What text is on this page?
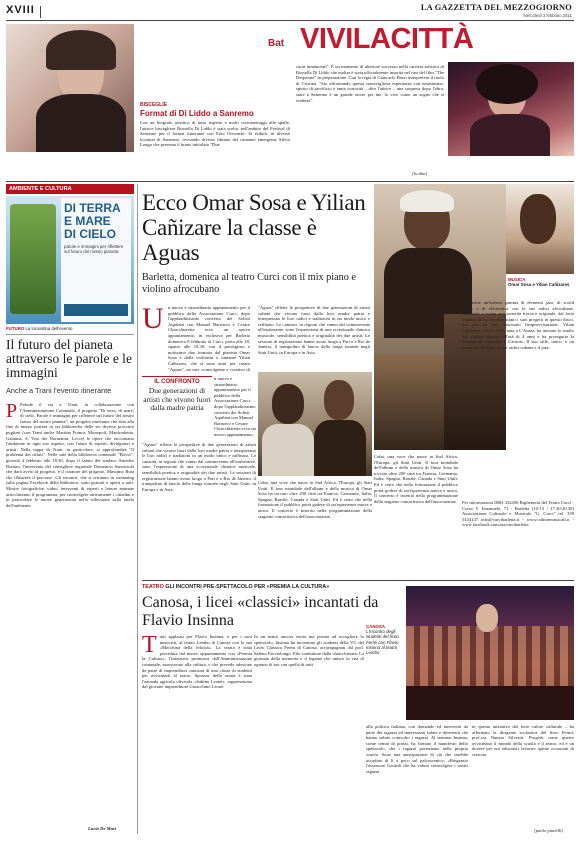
XVIII	LA GAZZETTA DEL MEZZOGIORNO
Mercoledì 3 febbraio 2021
Bat VIVILACITTÀ
BISCEGLIE
Format di Di Liddo a Sanremo
Con un biografo artistico di tutto rispetto e molti cortometraggi alle spalle, l'attrice biscegliese Rossella Di Liddo è stata scelta, nell'ambito del Festival di Sanremo per il format itinerante con Ezio Orvonetti. Si esibirà, in diverse location di Sanremo, recitando diverse librano del cantante emergente Silvio Longo che presenta il brano intitolato "Due
cuori innamorati". È un momento di ulteriore successo nella carriera artistica di Rossella Di Liddo che inoltre è stata ufficialmente inserita nel cast del film "The Desperate" in preparazione. Con la regia di Giancarlo Bassi interpreterà il ruolo di Cristina. "Sto affrontando questa meravigliosa esperienza con entusiasmo, spirito di sacrificio e tanta curiosità – dice l'attrice – una sorpresa dopo l'altra, stare a Sanremo è un grande onore per me, lo vivo come un sogno che si realizza".
[lu.dim]
AMBIENTE E CULTURA
DI TERRA
E MARE
DI CIELO
parole e immagini per riflettere sul futuro del nostro pianeta
FUTURO La locandina dell'evento
Il futuro del pianeta attraverso le parole e le immagini
Anche a Trani l'evento itinerante
P Prende il via a Trani, in collaborazione con l'Amministrazione Comunale, il progetto "Di terra, di mare, di cielo. Parole e immagini per riflettere sul futuro del nostro futuro del nostro pianeta", un progetto itinerante che sino alla fine di marzo porterà in sei biblioteche delle sei diverse province pugliesi (con Trani anche Martina Franca, Monopoli, Manfredonia, Galatina, S. Vito dei Normanni, Lecce) le opere che raccontano l'ambiente in ogni suo aspetto, con l'aiuto di esperti, divulgatori e artisti. Nella tappa di Trani, in particolare, si approfondirà "Il problema dei rifiuti". Nelle sale della biblioteca comunale "Bovio", giovedì 4 febbraio alle 18.30, dopo il saluto del sindaco Amedeo Bottaro, l'intervento del consigliere regionale Domenico Santorsola che darà avvio al progetto, e il curatore del progetto, Massimo Ruta che illustrerà il percorso. Gli incontri, che si terranno in streaming sulla pagina Facebook della biblioteca, sono gratuiti e aperti a tutti. Mostre fotografiche, video, interventi di esperti e letture animate arricchiranno il programma, per coinvolgere attivamente i cittadini e in particolare le nuove generazioni nella riflessione sulla tutela dell'ambiente.
Lucia De Mari
Ecco Omar Sosa e Yilian Cañizare la classe è Aguas
Barletta, domenica al teatro Curci con il mix piano e violino afrocubano
MUSICA
Omar Sosa e Yilian Cañizares
Un nuovo e straordinario appuntamento per il pubblico della Associazione Curci, dopo l'applauditissimo concerto dei Solisti Aquilani con Manuel Barrueco e Cesare Chiacchiaretta ecco un nuovo appuntamento, in esclusiva per Barletta domenica 8 febbraio al Curci, porta alle 18, sipario alle 18.30, con il prestigioso e notissimo duo formato dal pianista Omar Sosa e dalla violinista e cantante Yilian Cañizares, che si sono uniti per creare "Aguas", un mix coinvolgente e creativo di
IL CONFRONTO
Due generazioni di artisti che vivono fuori dalla madre patria
n nuovo e straordinario appuntamento per il pubblico della Associazione Curci, dopo l'applauditissimo concerto dei Solisti Aquilani con Manuel Barrueco e Cesare Chiacchiaretta ecco un nuovo appuntamento,
"Aguas" riflette le prospettive di due generazioni di artisti cubani che vivono fuori dalla loro madre patria e interpretano le loro radici e tradizioni in un modo unico e raffinato. Le canzoni, in regioni che vanno dal commovente all'esuberante, sono l'espressione di una eccezionale chimica musicale, sensibilità poetica e originalità dei due artisti. Le sessioni di registrazione hanno avuto luogo a Pari e a Rio de Janeiro, il trampolino di lancio della lunga tournée negli Stati Uniti, in Europa e in Asia.
"Aguas" riflette le prospettive di due generazioni di artisti cubani che vivono fuori dalla loro madre patria e interpretano le loro radici e tradizioni in un modo unico e raffinato. Le canzoni, in regioni che vanno dal commovente all'esuberante, sono l'espressione di una eccezionale chimica musicale, sensibilità poetica e originalità dei due artisti. Le sessioni di registrazione hanno avuto luogo a Pari e a Rio de Janeiro, il trampolino di lancio della lunga tournée negli Stati Uniti, in Europa e in Asia.
Cuba, una voce che nasce in Sud Africa, l'Europa, gli Stati Uniti. Il tour mondiale dell'album e della musica di Omar Sosa ha toccato oltre 200 città tra Francia, Germania, Italia, Spagna, Brasile, Canada e Stati Uniti. Ed è certo che nella formazione il pubblico potrà godere di un'esperienza nuova e unica. Il concerto è inserito nella programmazione della stagione concertistica dell'associazione.
Cuba, una voce che nasce in Sud Africa, l'Europa, gli Stati Uniti. Il tour mondiale dell'album e della musica di Omar Sosa ha toccato oltre 200 città tra Francia, Germania, Italia, Spagna, Brasile, Canada e Stati Uniti. Ed è certo che nella formazione il pubblico potrà godere di un'esperienza nuova e unica. Il concerto è inserito nella programmazione della stagione concertistica dell'associazione.
ribilmente un'intensa gamma di elementi jazz, di world music e di elettronica con le sue radici afrocubane, riuscendo a creare una sonorità fresca e originale, dal forte impatto lirico, ha annunciato i suoi progetti in questo disco, ma non ha mai trascurato l'improvvisazione. Yilian Cañizares, classe 1981, nata a L'Avana, ha iniziato lo studio del violino classico all'età di 4 anni e ha proseguito la formazione musicale a Caracas. Il suo stile, unico, è un ponte tra l'Europa, le sue radici cubane e il jazz.
Per informazioni 0883 332456 Biglietteria del Teatro Curci - Corso V. Emanuele, 71 - Barletta (10-13 / 17.30-20.30) Associazione Culturale e Musicale "G. Curci" tel. 339 5434147 info@curcibarletta.it - www.culturemusicali.it - www.facebook.com/asscurcibarletta
TEATRO GLI INCONTRI PRE-SPETTACOLO PER «PREMIA LA CULTURA»
Canosa, i licei «classici» incantati da Flavio Insinna	CANOSA
L'incontro degli studenti del liceo Fermi con Flavio Insinna al teatro Lembo
Tutti applausi per Flavio Insinna, e per i suoi musicisti, al teatro Lembo di Canosa con la sua «Macchina della felicità». La serata è stata preceduta dal nuovo appuntamento con «Premia la Cultura», l'iniziativa promossa dall'Amministrazione comunale, assessorato alla cultura, e che prevede adesione da parte di imprenditori canosini di una classe di studenti per avvicinarli al teatro. Sponsor della serata è stata l'azienda agricola olivicola «Sabino Leone», rappresentata dal giovane imprenditore Gioacchino Leone.
In un teatro ancora vuoto ma pronto ad accogliere lo spettacolo, Insinna ha incontrato gli studenti della VG del Liceo Classico Fermi di Canosa, accompagnati dal prof. Sabino Facciolongo. Filo conduttore dalla chiacchierata: La giornata della memoria e il legame che unisce la vita di ognuno di noi con quella di tutti.
alla politica italiana, con domande ed interventi da parte dei ragazzi ed interessanti salute e divertenti che hanno subito coinvolto i ragazzi. Al termine Insinna, come ormai di prassi, ha firmato il manifesto dello spettacolo, che i ragazzi porteranno nella propria scuola. Sono una anticipazione di ciò che sarebbe accaduto di lì a poco sul palcoscenico. «Ringrazio l'assessore Gerardi che ha voluto coinvolgere i nostri ragazzi
in questa iniziativa dal forte valore culturale – ha affermato la dirigente scolastica del liceo Fermi, prof.ssa Nunzia Silvestri. Progetti come questo avvicinano il mondo della scuola e il teatro, ed è un dovere per noi educatori favorire queste occasioni di crescita.
[paolo pinnelli]
